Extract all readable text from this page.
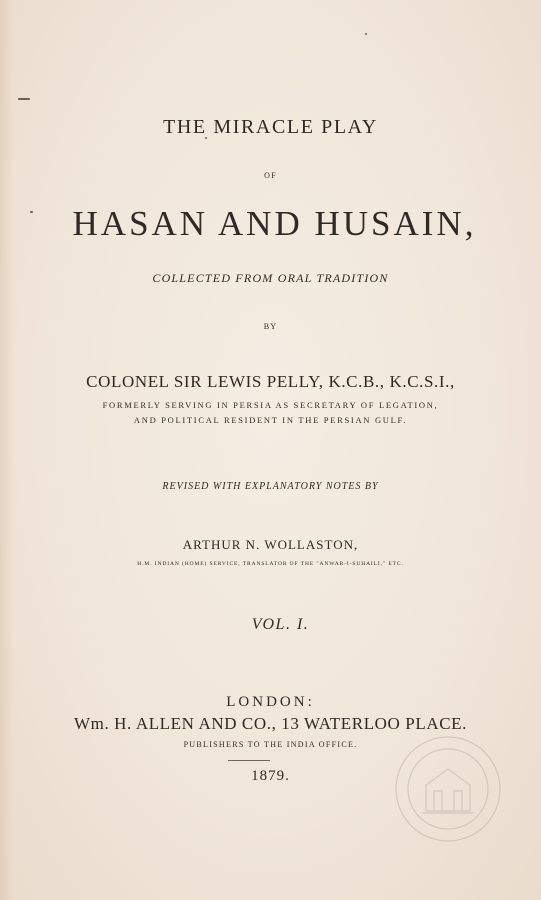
THE MIRACLE PLAY
OF
HASAN AND HUSAIN,
COLLECTED FROM ORAL TRADITION
BY
COLONEL SIR LEWIS PELLY, K.C.B., K.C.S.I.,
FORMERLY SERVING IN PERSIA AS SECRETARY OF LEGATION,
AND POLITICAL RESIDENT IN THE PERSIAN GULF.
REVISED WITH EXPLANATORY NOTES BY
ARTHUR N. WOLLASTON,
H.M. INDIAN (HOME) SERVICE, TRANSLATOR OF THE "ANWAR-I-SUHAILI," ETC.
VOL. I.
LONDON:
Wm. H. ALLEN AND CO., 13 WATERLOO PLACE.
PUBLISHERS TO THE INDIA OFFICE.
1879.
